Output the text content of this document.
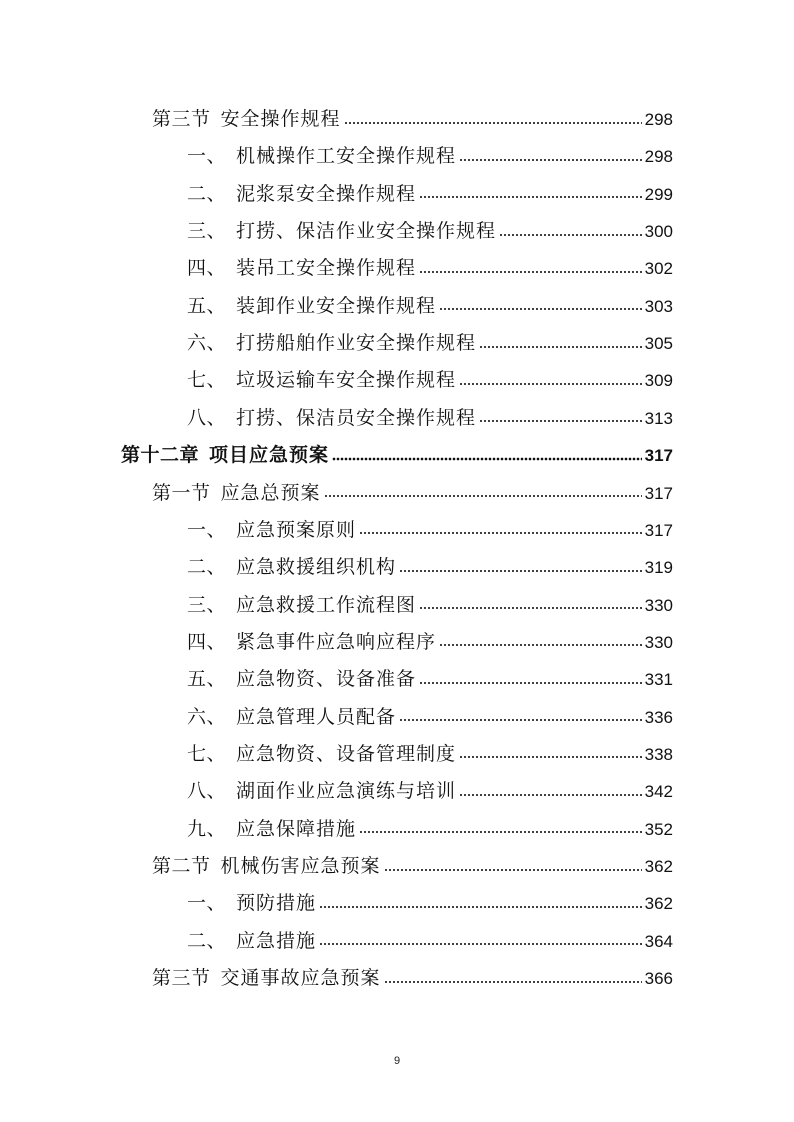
第三节 安全操作规程	298
一、 机械操作工安全操作规程	298
二、 泥浆泵安全操作规程	299
三、 打捞、保洁作业安全操作规程	300
四、 装吊工安全操作规程	302
五、 装卸作业安全操作规程	303
六、 打捞船舶作业安全操作规程	305
七、 垃圾运输车安全操作规程	309
八、 打捞、保洁员安全操作规程	313
第十二章 项目应急预案	317
第一节 应急总预案	317
一、 应急预案原则	317
二、 应急救援组织机构	319
三、 应急救援工作流程图	330
四、 紧急事件应急响应程序	330
五、 应急物资、设备准备	331
六、 应急管理人员配备	336
七、 应急物资、设备管理制度	338
八、 湖面作业应急演练与培训	342
九、 应急保障措施	352
第二节 机械伤害应急预案	362
一、 预防措施	362
二、 应急措施	364
第三节 交通事故应急预案	366
9
